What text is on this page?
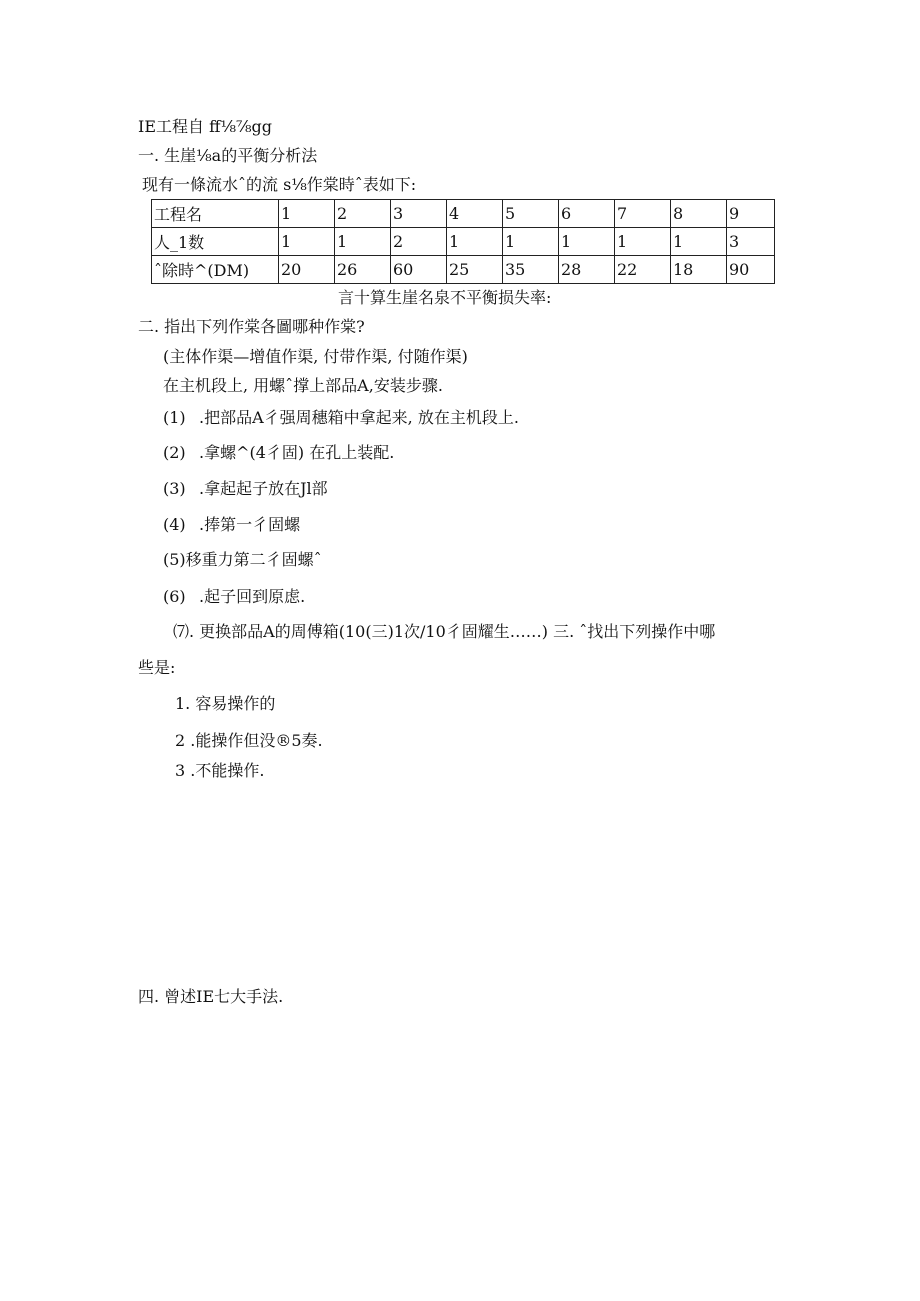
IE工程自 ff⅛⅞gg
一. 生崖⅛a的平衡分析法
现有一條流水ˆ的流 s⅛作棠時ˆ表如下:
工程名	1	2	3	4	5	6	7	8	9
人_1数	1	1	2	1	1	1	1	1	3
ˆ除時^(DM)	20	26	60	25	35	28	22	18	90
言十算生崖名泉不平衡损失率:
二. 指出下列作棠各圖哪种作棠?
(主体作渠—增值作渠, 付带作渠, 付随作渠)
在主机段上, 用螺ˆ撑上部品A,安装步骤.
(1) .把部品A彳强周穗箱中拿起来, 放在主机段上.
(2) .拿螺^(4彳固) 在孔上装配.
(3) .拿起起子放在Jl部
(4) .捧第一彳固螺
(5)移重力第二彳固螺ˆ
(6) .起子回到原虑.
⑺. 更换部品A的周傅箱(10(三)1次/10彳固耀生……) 三. ˆ找出下列操作中哪
些是:
1. 容易操作的
2 .能操作但没®5奏.
3 .不能操作.
四. 曾述IE七大手法.
